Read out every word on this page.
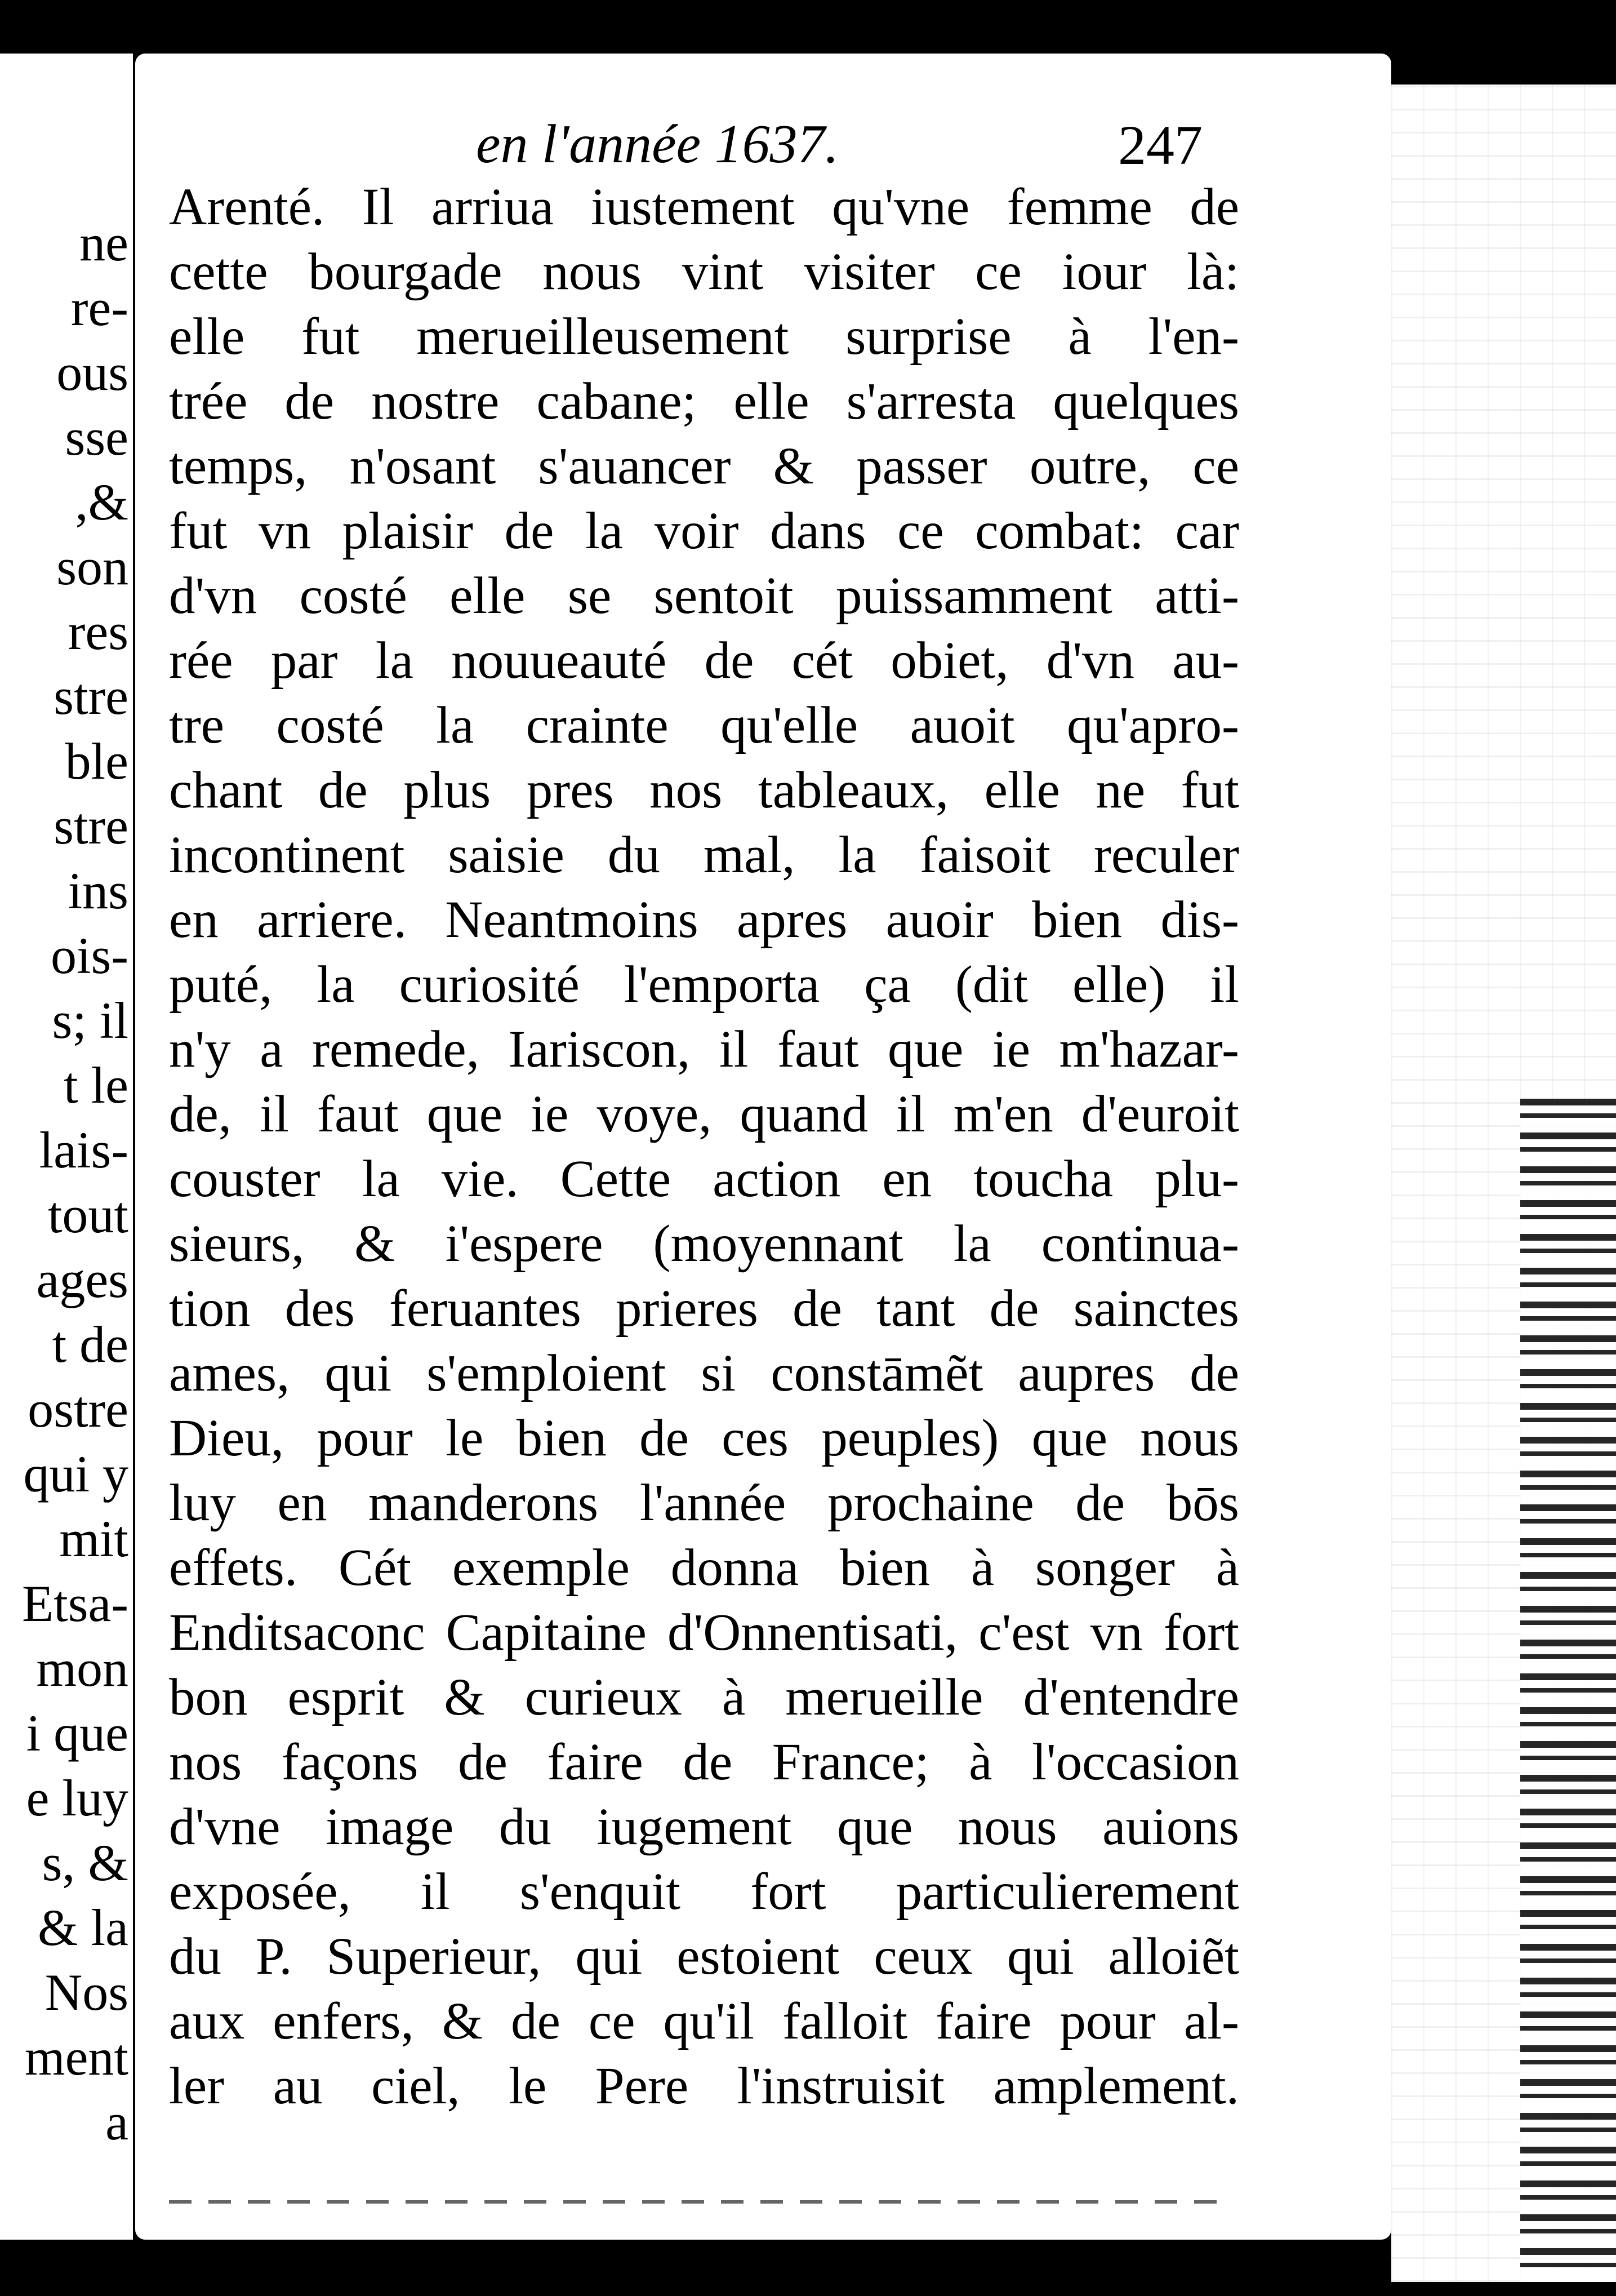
ne
re-
ous
sse
,&
son
res
stre
ble
stre
ins
ois-
s; il
t le
lais-
tout
ages
t de
ostre
qui y
mit
Etsa-
mon
i que
e luy
s, &
& la
Nos
ment
a
en l'année 1637.	247
Arenté. Il arriua iustement qu'vne femme de
cette bourgade nous vint visiter ce iour là:
elle fut merueilleusement surprise à l'en-
trée de nostre cabane; elle s'arresta quelques
temps, n'osant s'auancer & passer outre, ce
fut vn plaisir de la voir dans ce combat: car
d'vn costé elle se sentoit puissamment atti-
rée par la nouueauté de cét obiet, d'vn au-
tre costé la crainte qu'elle auoit qu'apro-
chant de plus pres nos tableaux, elle ne fut
incontinent saisie du mal, la faisoit reculer
en arriere. Neantmoins apres auoir bien dis-
puté, la curiosité l'emporta ça (dit elle) il
n'y a remede, Iariscon, il faut que ie m'hazar-
de, il faut que ie voye, quand il m'en d'euroit
couster la vie. Cette action en toucha plu-
sieurs, & i'espere (moyennant la continua-
tion des feruantes prieres de tant de sainctes
ames, qui s'emploient si constāmẽt aupres de
Dieu, pour le bien de ces peuples) que nous
luy en manderons l'année prochaine de bōs
effets. Cét exemple donna bien à songer à
Enditsaconc Capitaine d'Onnentisati, c'est vn fort
bon esprit & curieux à merueille d'entendre
nos façons de faire de France; à l'occasion
d'vne image du iugement que nous auions
exposée, il s'enquit fort particulierement
du P. Superieur, qui estoient ceux qui alloiẽt
aux enfers, & de ce qu'il falloit faire pour al-
ler au ciel, le Pere l'instruisit amplement.
